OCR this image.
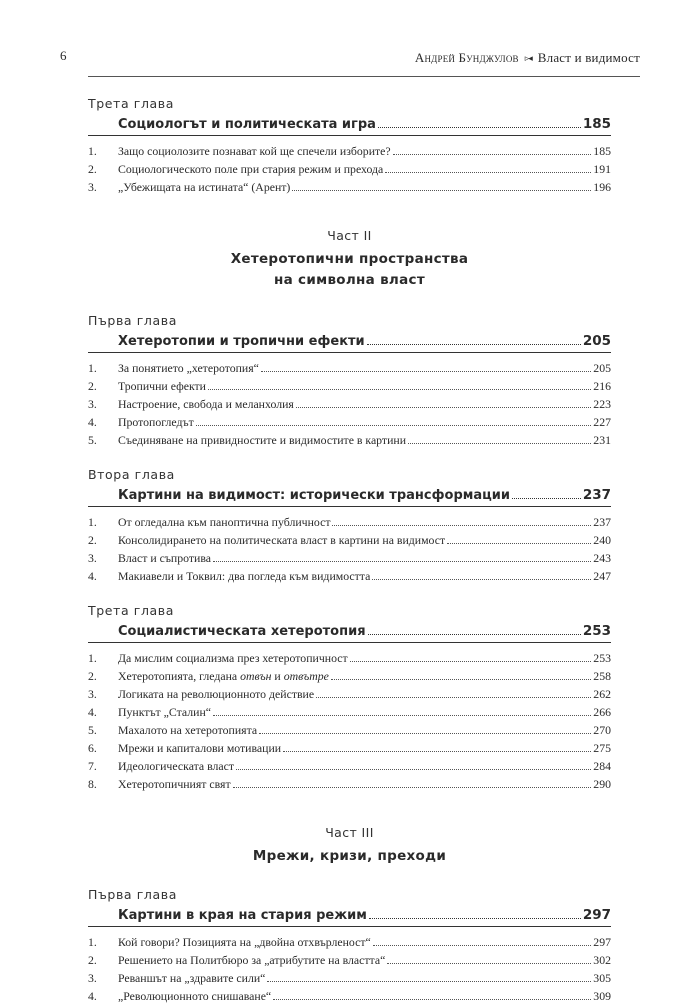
6	Андрей Бунджулов ▹◂ Власт и видимост

Трета глава

Социологът и политическата игра	185
1.	Защо социолозите познават кой ще спечели изборите?	185
2.	Социологическото поле при стария режим и прехода	191
3.	„Убежищата на истината“ (Арент)	196
Част II
Хетеротопични пространства
на символна власт

Първа глава

Хетеротопии и тропични ефекти	205
1.	За понятието „хетеротопия“	205
2.	Тропични ефекти	216
3.	Настроение, свобода и меланхолия	223
4.	Протопогледът	227
5.	Съединяване на привидностите и видимостите в картини	231

Втора глава

Картини на видимост: исторически трансформации	237
1.	От огледална към паноптична публичност	237
2.	Консолидирането на политическата власт в картини на видимост	240
3.	Власт и съпротива	243
4.	Макиавели и Токвил: два погледа към видимостта	247

Трета глава

Социалистическата хетеротопия	253
1.	Да мислим социализма през хетеротопичност	253
2.	Хетеротопията, гледана отвън и отвътре	258
3.	Логиката на революционното действие	262
4.	Пунктът „Сталин“	266
5.	Махалото на хетеротопията	270
6.	Мрежи и капиталови мотивации	275
7.	Идеологическата власт	284
8.	Хетеротопичният свят	290
Част III
Мрежи, кризи, преходи

Първа глава

Картини в края на стария режим	297
1.	Кой говори? Позицията на „двойна отхвърленост“	297
2.	Решението на Политбюро за „атрибутите на властта“	302
3.	Реваншът на „здравите сили“	305
4.	„Революционното снишаване“	309
